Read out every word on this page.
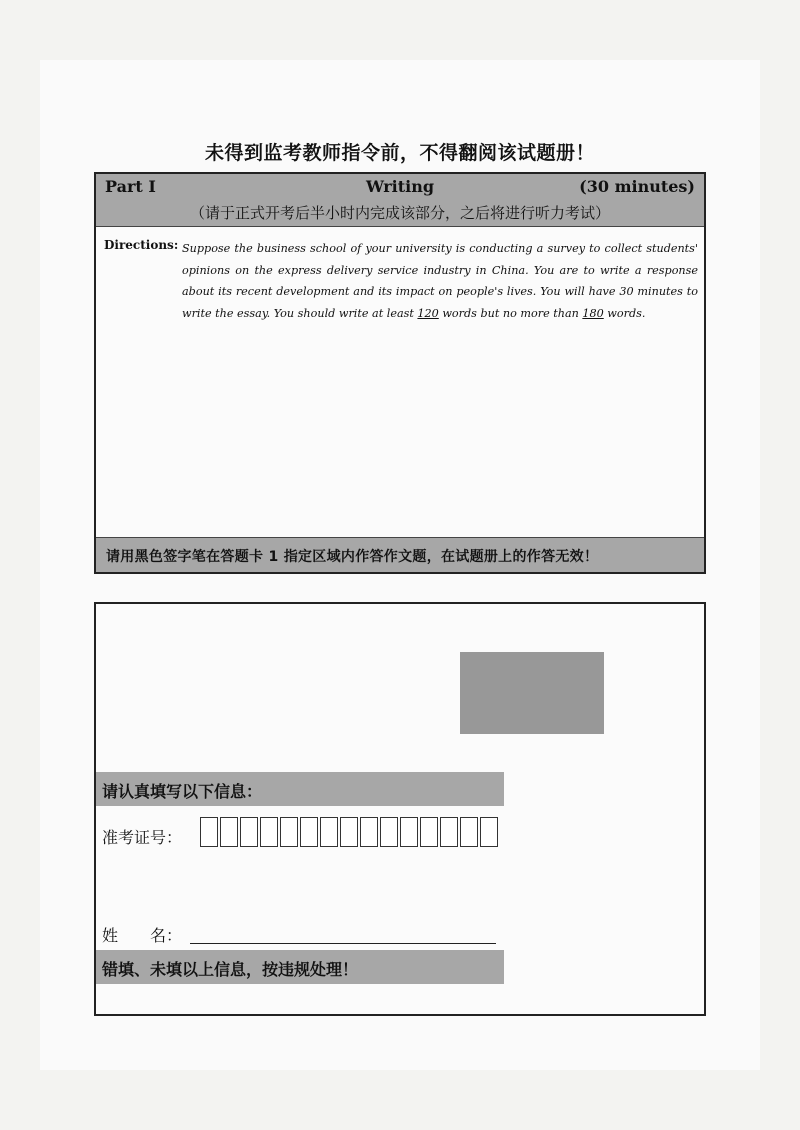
未得到监考教师指令前，不得翻阅该试题册！
Part I	Writing	(30 minutes)
（请于正式开考后半小时内完成该部分，之后将进行听力考试）
Directions: Suppose the business school of your university is conducting a survey to collect students' opinions on the express delivery service industry in China. You are to write a response about its recent development and its impact on people's lives. You will have 30 minutes to write the essay. You should write at least 120 words but no more than 180 words.
请用黑色签字笔在答题卡 1 指定区域内作答作文题，在试题册上的作答无效！
请认真填写以下信息：
准考证号：
姓　　名：
错填、未填以上信息，按违规处理！
